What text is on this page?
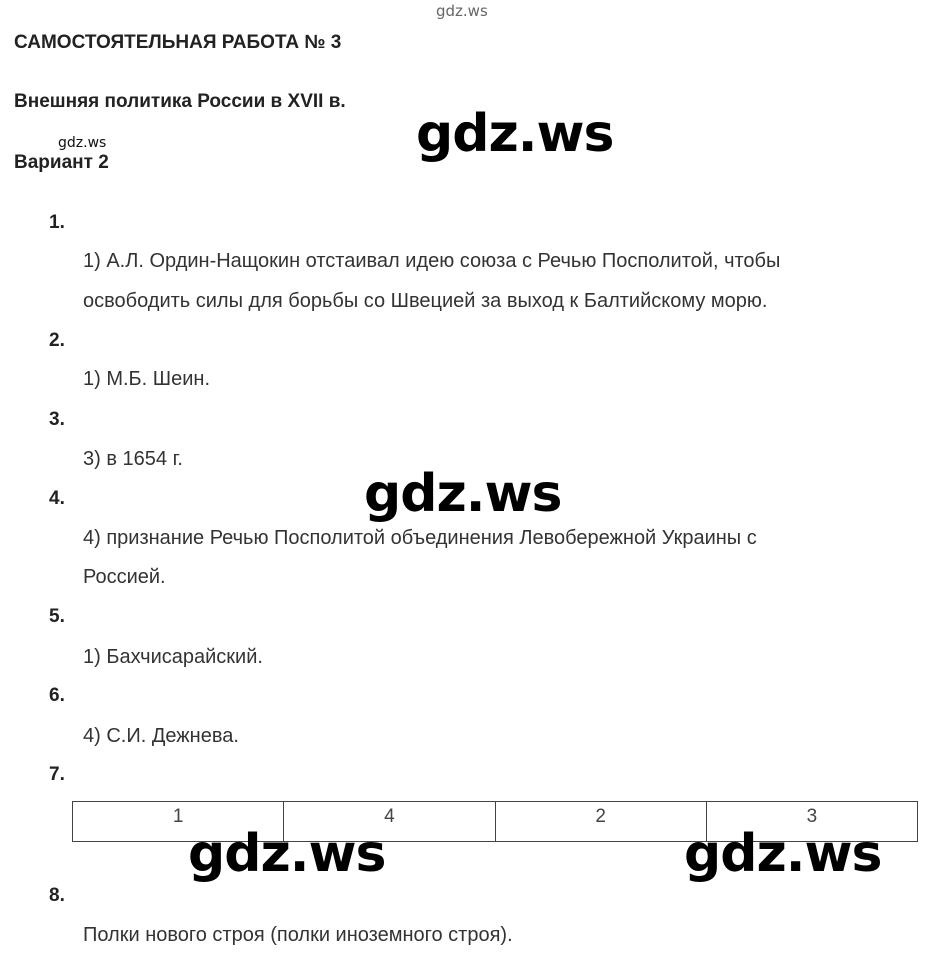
gdz.ws
gdz.ws	gdz.ws
gdz.ws
САМОСТОЯТЕЛЬНАЯ РАБОТА № 3
Внешняя политика России в XVII в.
Вариант 2
1.
1) А.Л. Ордин-Нащокин отстаивал идею союза с Речью Посполитой, чтобы
освободить силы для борьбы со Швецией за выход к Балтийскому морю.
2.
1) М.Б. Шеин.
3.
3) в 1654 г.
4.
4) признание Речью Посполитой объединения Левобережной Украины с
Россией.
5.
1) Бахчисарайский.
6.
4) С.И. Дежнева.
7.
1	4	2	3
gdz.ws	gdz.ws
8.
Полки нового строя (полки иноземного строя).
